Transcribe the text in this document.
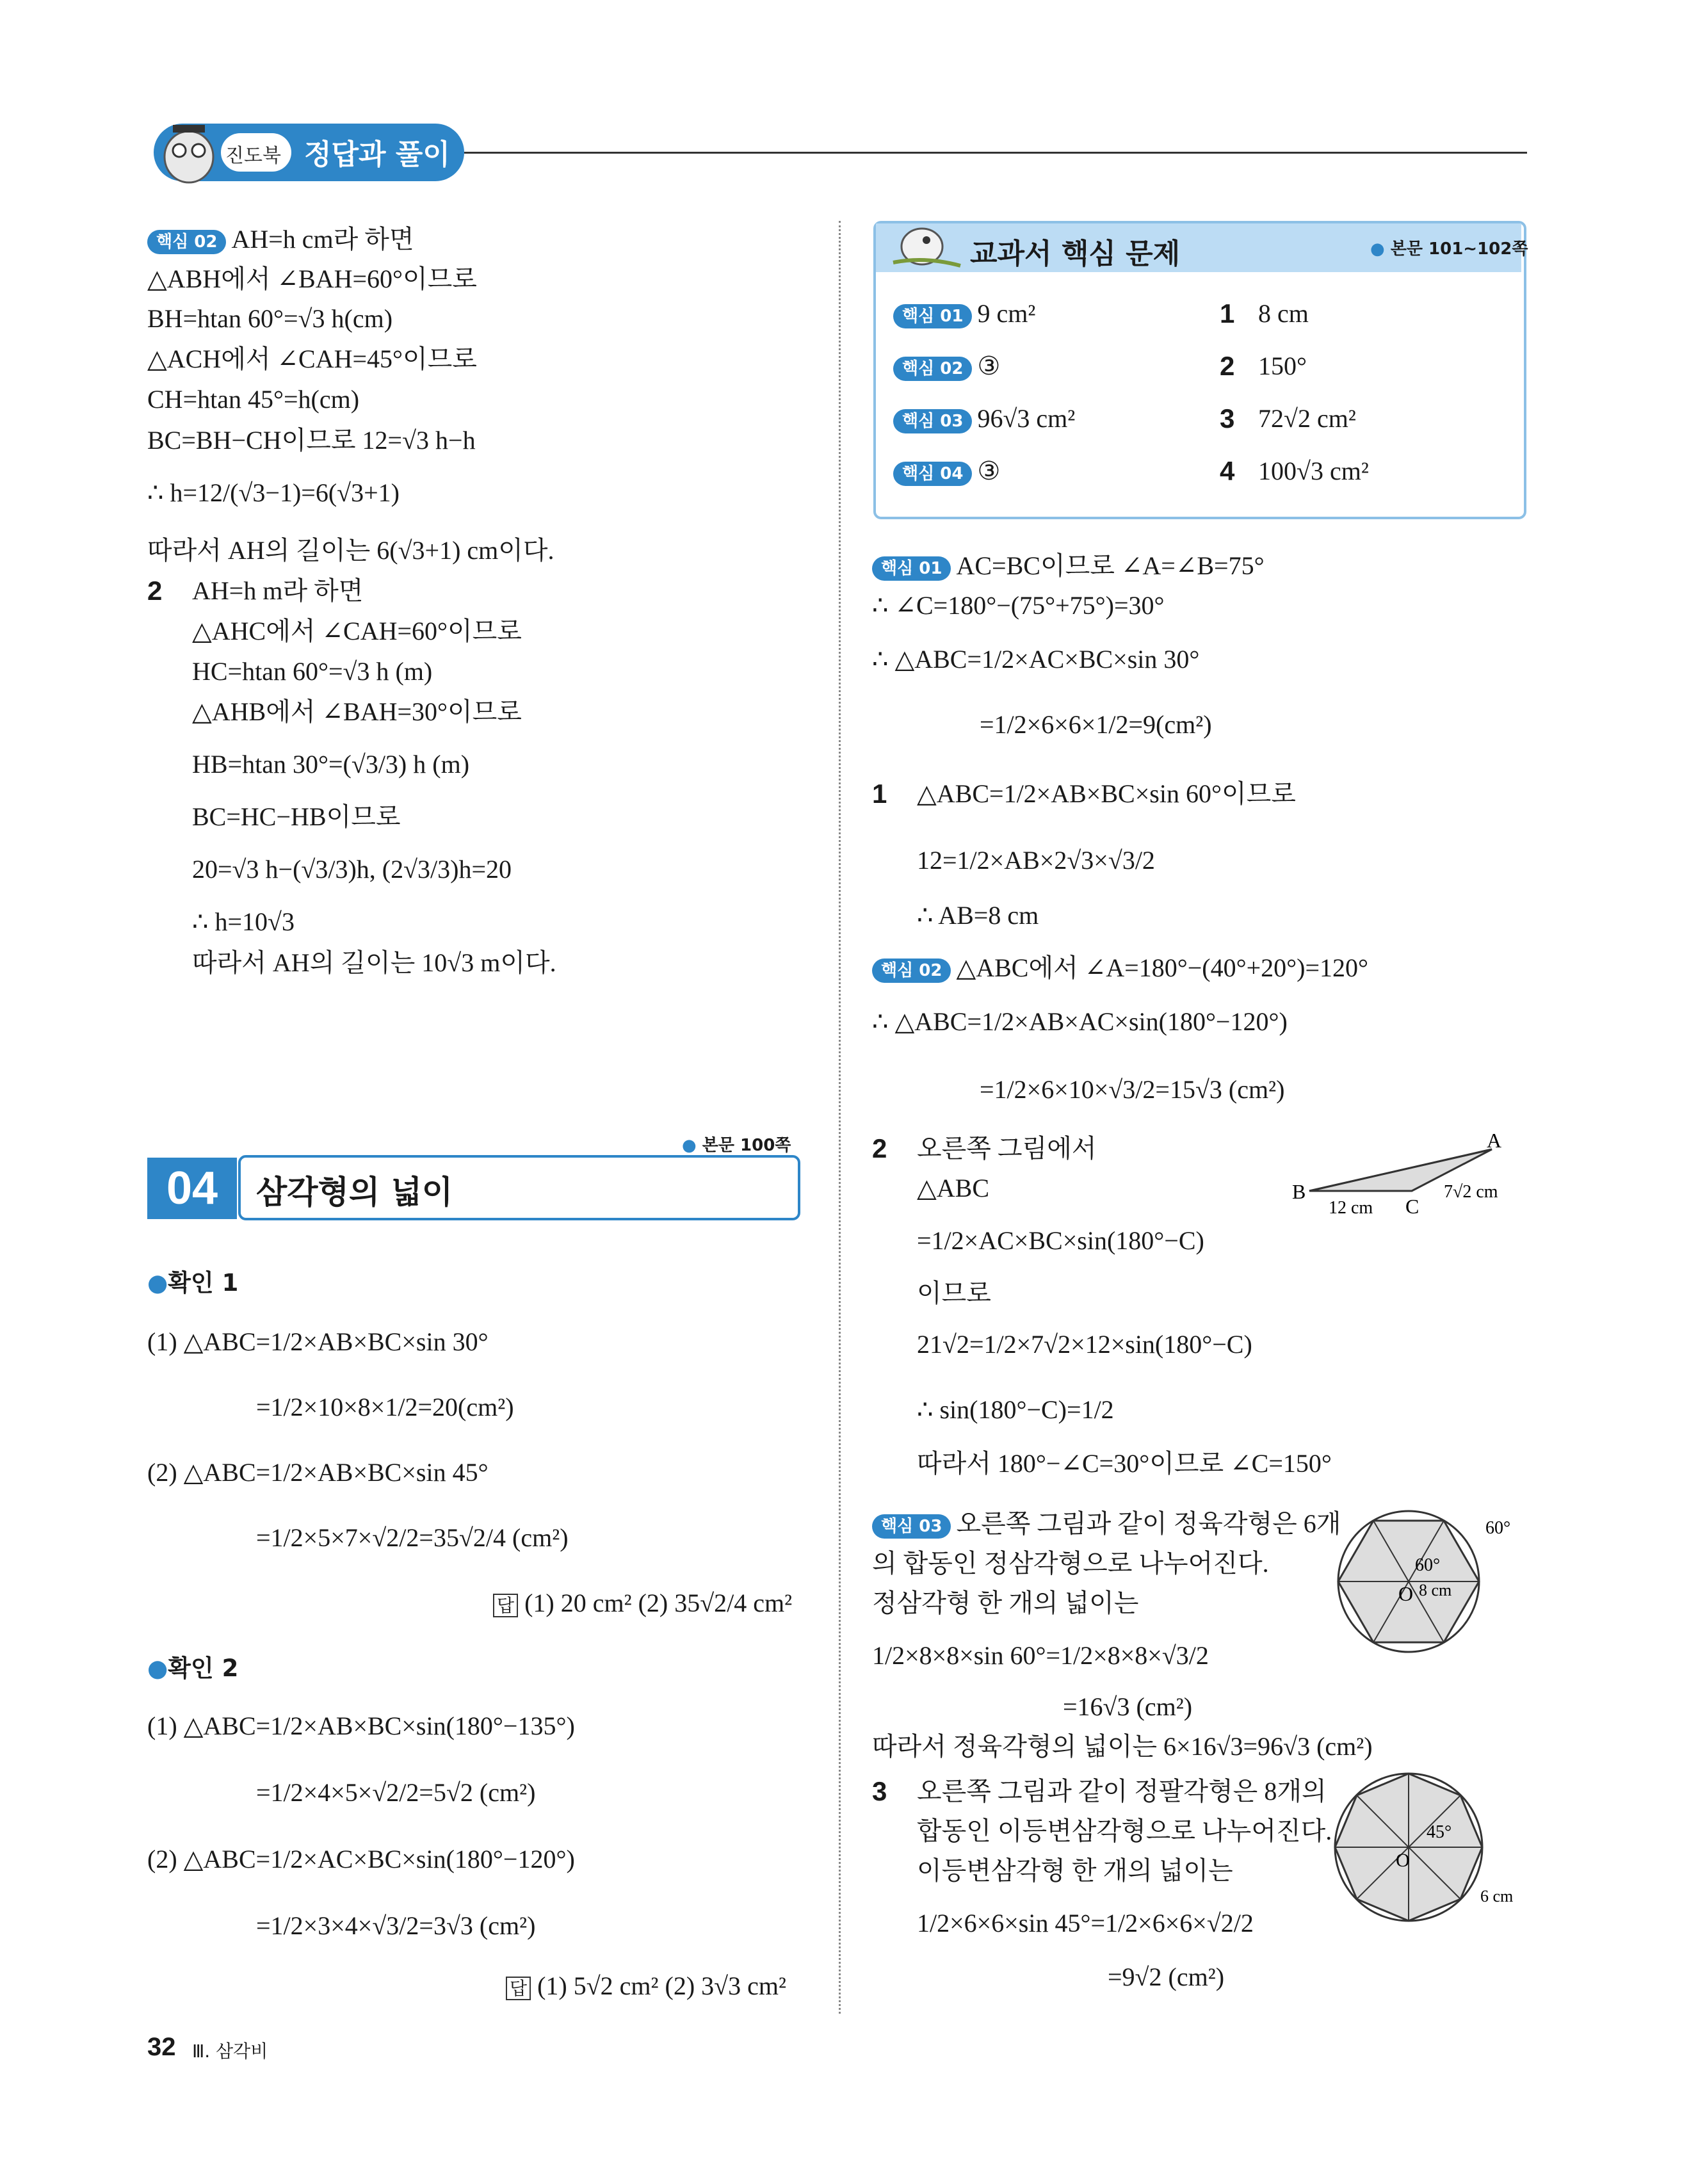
진도북 정답과 풀이
핵심 02 AH=h cm라 하면
△ABH에서 ∠BAH=60°이므로
BH=htan 60°=√3 h(cm)
△ACH에서 ∠CAH=45°이므로
CH=htan 45°=h(cm)
BC=BH−CH이므로 12=√3 h−h
∴ h=12/(√3−1)=6(√3+1)
따라서 AH의 길이는 6(√3+1) cm이다.
2 AH=h m라 하면
△AHC에서 ∠CAH=60°이므로
HC=htan 60°=√3 h (m)
△AHB에서 ∠BAH=30°이므로
HB=htan 30°=(√3/3) h (m)
BC=HC−HB이므로
20=√3 h−(√3/3)h, (2√3/3)h=20
∴ h=10√3
따라서 AH의 길이는 10√3 m이다.
● 본문 100쪽
04	삼각형의 넓이
●확인 1
(1) △ABC=1/2×AB×BC×sin 30°
=1/2×10×8×1/2=20(cm²)
(2) △ABC=1/2×AB×BC×sin 45°
=1/2×5×7×√2/2=35√2/4 (cm²)
답 (1) 20 cm² (2) 35√2/4 cm²
●확인 2
(1) △ABC=1/2×AB×BC×sin(180°−135°)
=1/2×4×5×√2/2=5√2 (cm²)
(2) △ABC=1/2×AC×BC×sin(180°−120°)
=1/2×3×4×√3/2=3√3 (cm²)
답 (1) 5√2 cm² (2) 3√3 cm²
교과서 핵심 문제	● 본문 101~102쪽
핵심 01 9 cm²	1 8 cm
핵심 02 ③	2 150°
핵심 03 96√3 cm²	3 72√2 cm²
핵심 04 ③	4 100√3 cm²
핵심 01 AC=BC이므로 ∠A=∠B=75°
∴ ∠C=180°−(75°+75°)=30°
∴ △ABC=1/2×AC×BC×sin 30°
=1/2×6×6×1/2=9(cm²)
1 △ABC=1/2×AB×BC×sin 60°이므로
12=1/2×AB×2√3×√3/2
∴ AB=8 cm
핵심 02 △ABC에서 ∠A=180°−(40°+20°)=120°
∴ △ABC=1/2×AB×AC×sin(180°−120°)
=1/2×6×10×√3/2=15√3 (cm²)
2 오른쪽 그림에서
△ABC
=1/2×AC×BC×sin(180°−C)
이므로
21√2=1/2×7√2×12×sin(180°−C)
∴ sin(180°−C)=1/2
따라서 180°−∠C=30°이므로 ∠C=150°
A
B
C
12 cm
7√2 cm
핵심 03 오른쪽 그림과 같이 정육각형은 6개
의 합동인 정삼각형으로 나누어진다.
정삼각형 한 개의 넓이는
1/2×8×8×sin 60°=1/2×8×8×√3/2
=16√3 (cm²)
따라서 정육각형의 넓이는 6×16√3=96√3 (cm²)
O
60°
60°
8 cm
3 오른쪽 그림과 같이 정팔각형은 8개의
합동인 이등변삼각형으로 나누어진다.
이등변삼각형 한 개의 넓이는
1/2×6×6×sin 45°=1/2×6×6×√2/2
=9√2 (cm²)
O
45°
6 cm
32 Ⅲ. 삼각비
